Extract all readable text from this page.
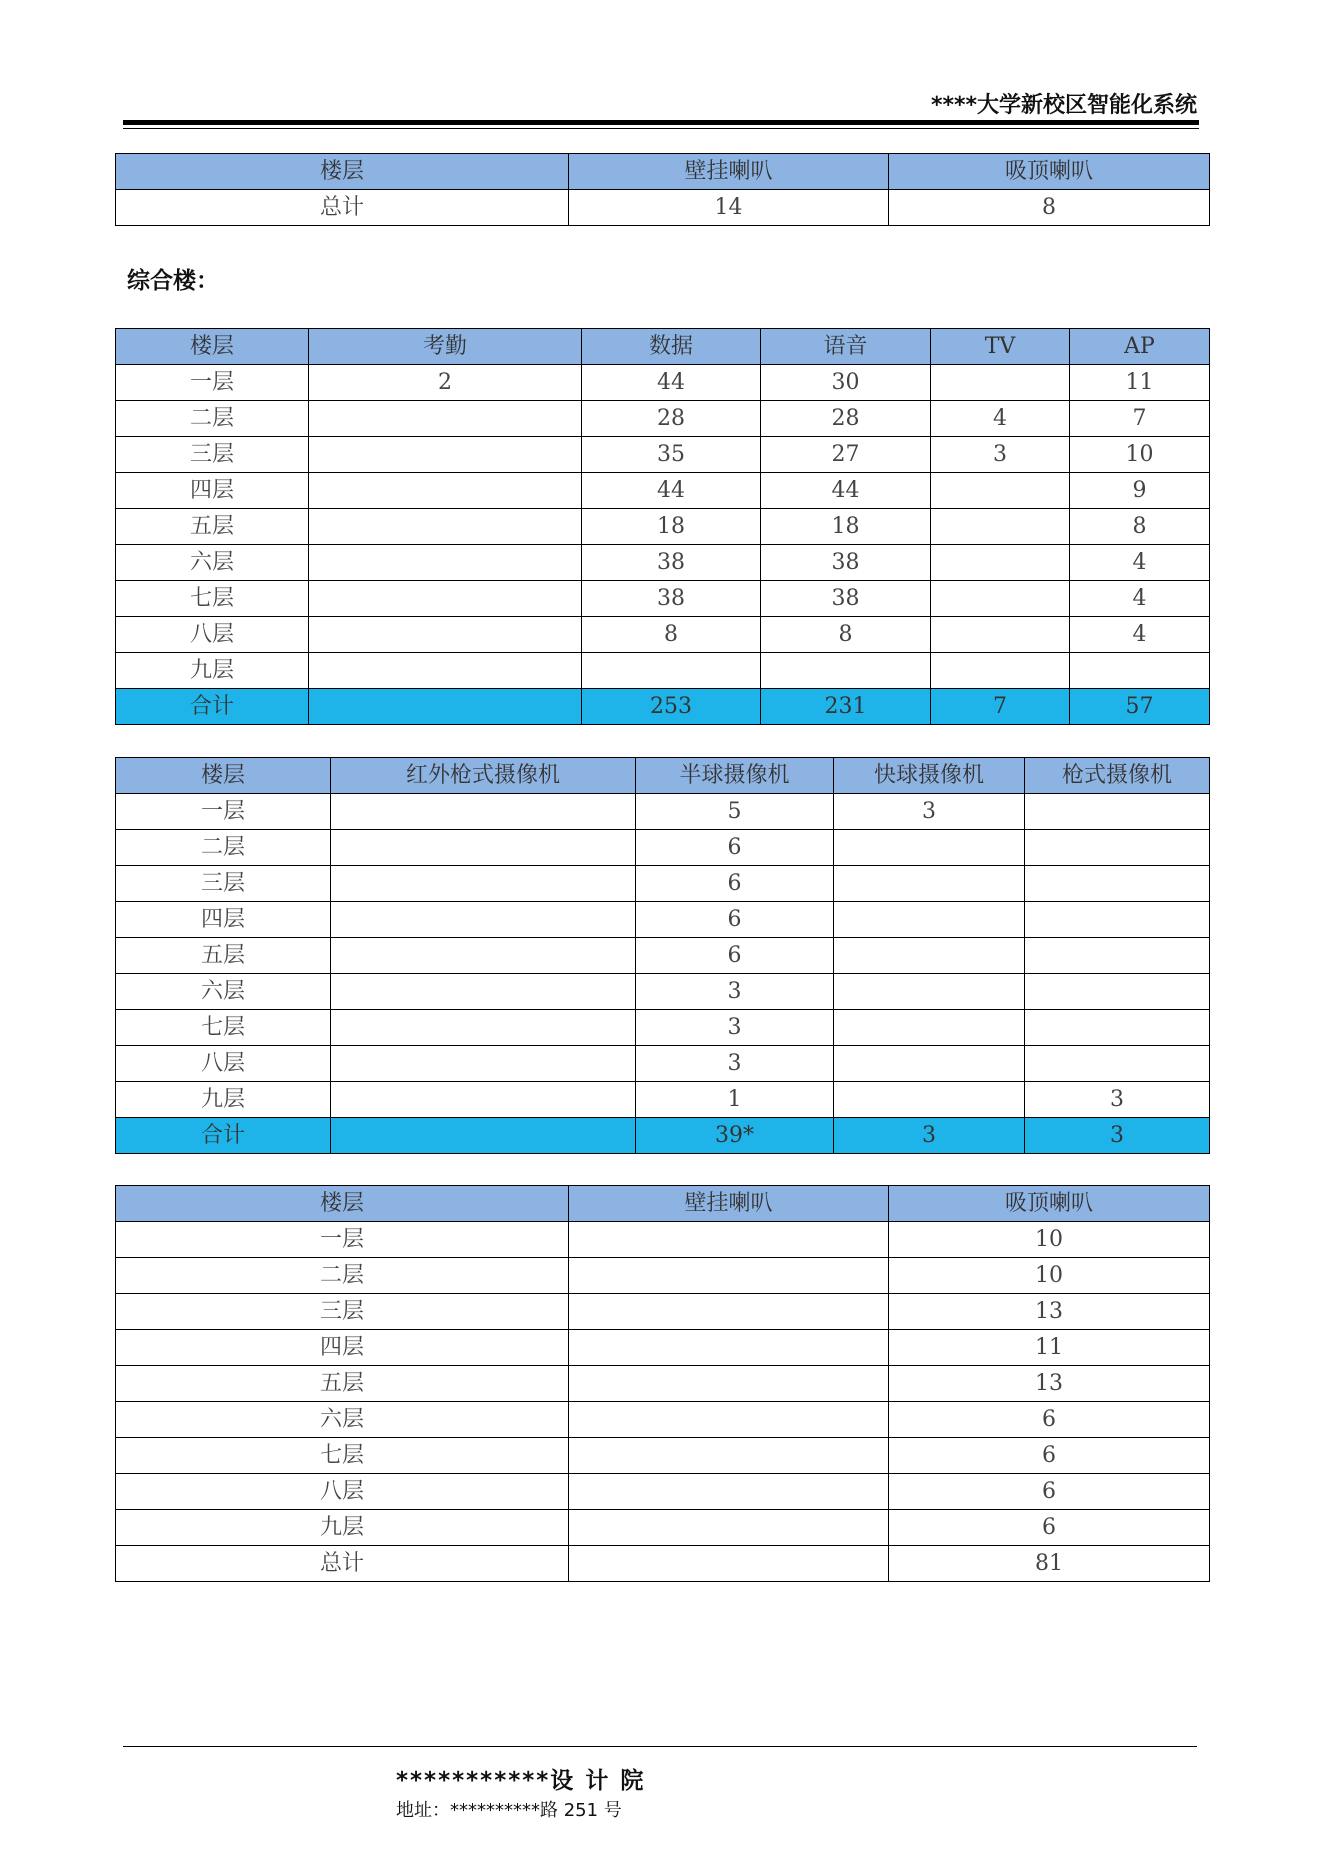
****大学新校区智能化系统
楼层	壁挂喇叭	吸顶喇叭
总计	14	8
综合楼：
楼层	考勤	数据	语音	TV	AP
一层	2	44	30		11
二层		28	28	4	7
三层		35	27	3	10
四层		44	44		9
五层		18	18		8
六层		38	38		4
七层		38	38		4
八层		8	8		4
九层					
合计		253	231	7	57
楼层	红外枪式摄像机	半球摄像机	快球摄像机	枪式摄像机
一层		5	3	
二层		6		
三层		6		
四层		6		
五层		6		
六层		3		
七层		3		
八层		3		
九层		1		3
合计		39*	3	3
楼层	壁挂喇叭	吸顶喇叭
一层		10
二层		10
三层		13
四层		11
五层		13
六层		6
七层		6
八层		6
九层		6
总计		81
***********设 计 院
地址：**********路 251 号
